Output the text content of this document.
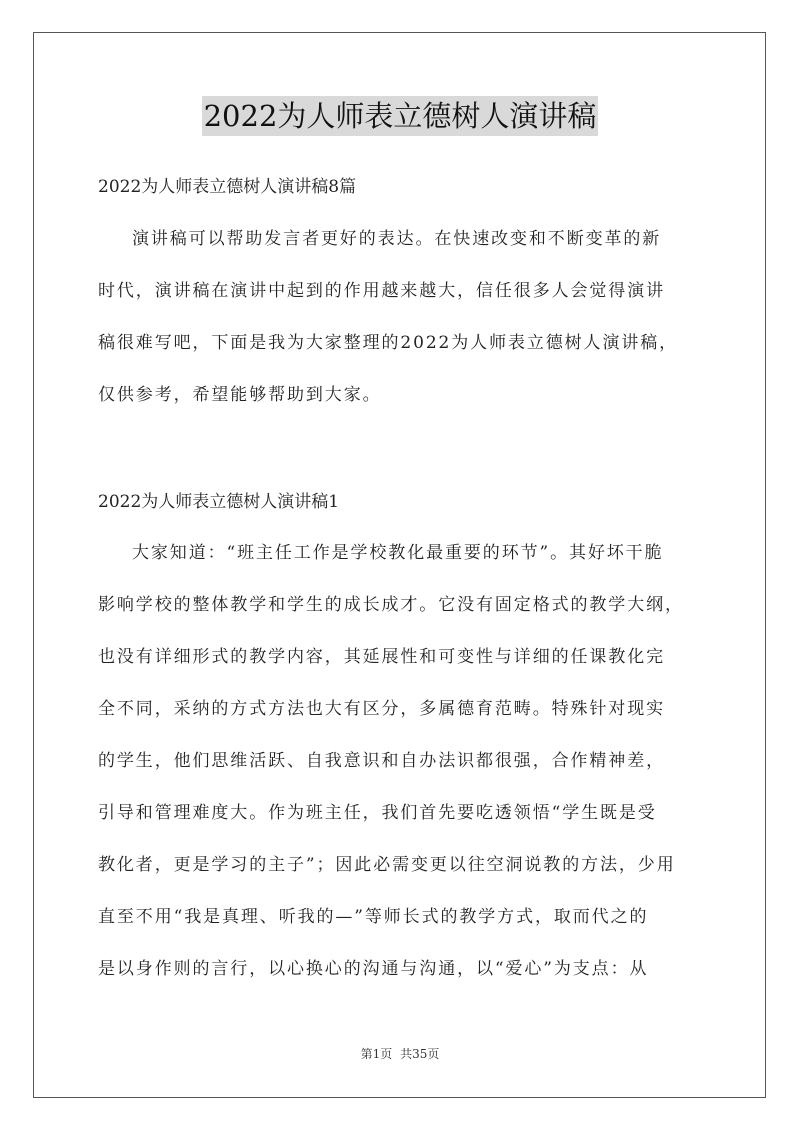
2022为人师表立德树人演讲稿
2022为人师表立德树人演讲稿8篇
演讲稿可以帮助发言者更好的表达。在快速改变和不断变革的新
时代，演讲稿在演讲中起到的作用越来越大，信任很多人会觉得演讲
稿很难写吧，下面是我为大家整理的2022为人师表立德树人演讲稿，
仅供参考，希望能够帮助到大家。
2022为人师表立德树人演讲稿1
大家知道：“班主任工作是学校教化最重要的环节”。其好坏干脆
影响学校的整体教学和学生的成长成才。它没有固定格式的教学大纲，
也没有详细形式的教学内容，其延展性和可变性与详细的任课教化完
全不同，采纳的方式方法也大有区分，多属德育范畴。特殊针对现实
的学生，他们思维活跃、自我意识和自办法识都很强，合作精神差，
引导和管理难度大。作为班主任，我们首先要吃透领悟“学生既是受
教化者，更是学习的主子”；因此必需变更以往空洞说教的方法，少用
直至不用“我是真理、听我的—”等师长式的教学方式，取而代之的
是以身作则的言行，以心换心的沟通与沟通，以“爱心”为支点：从
第1页 共35页
